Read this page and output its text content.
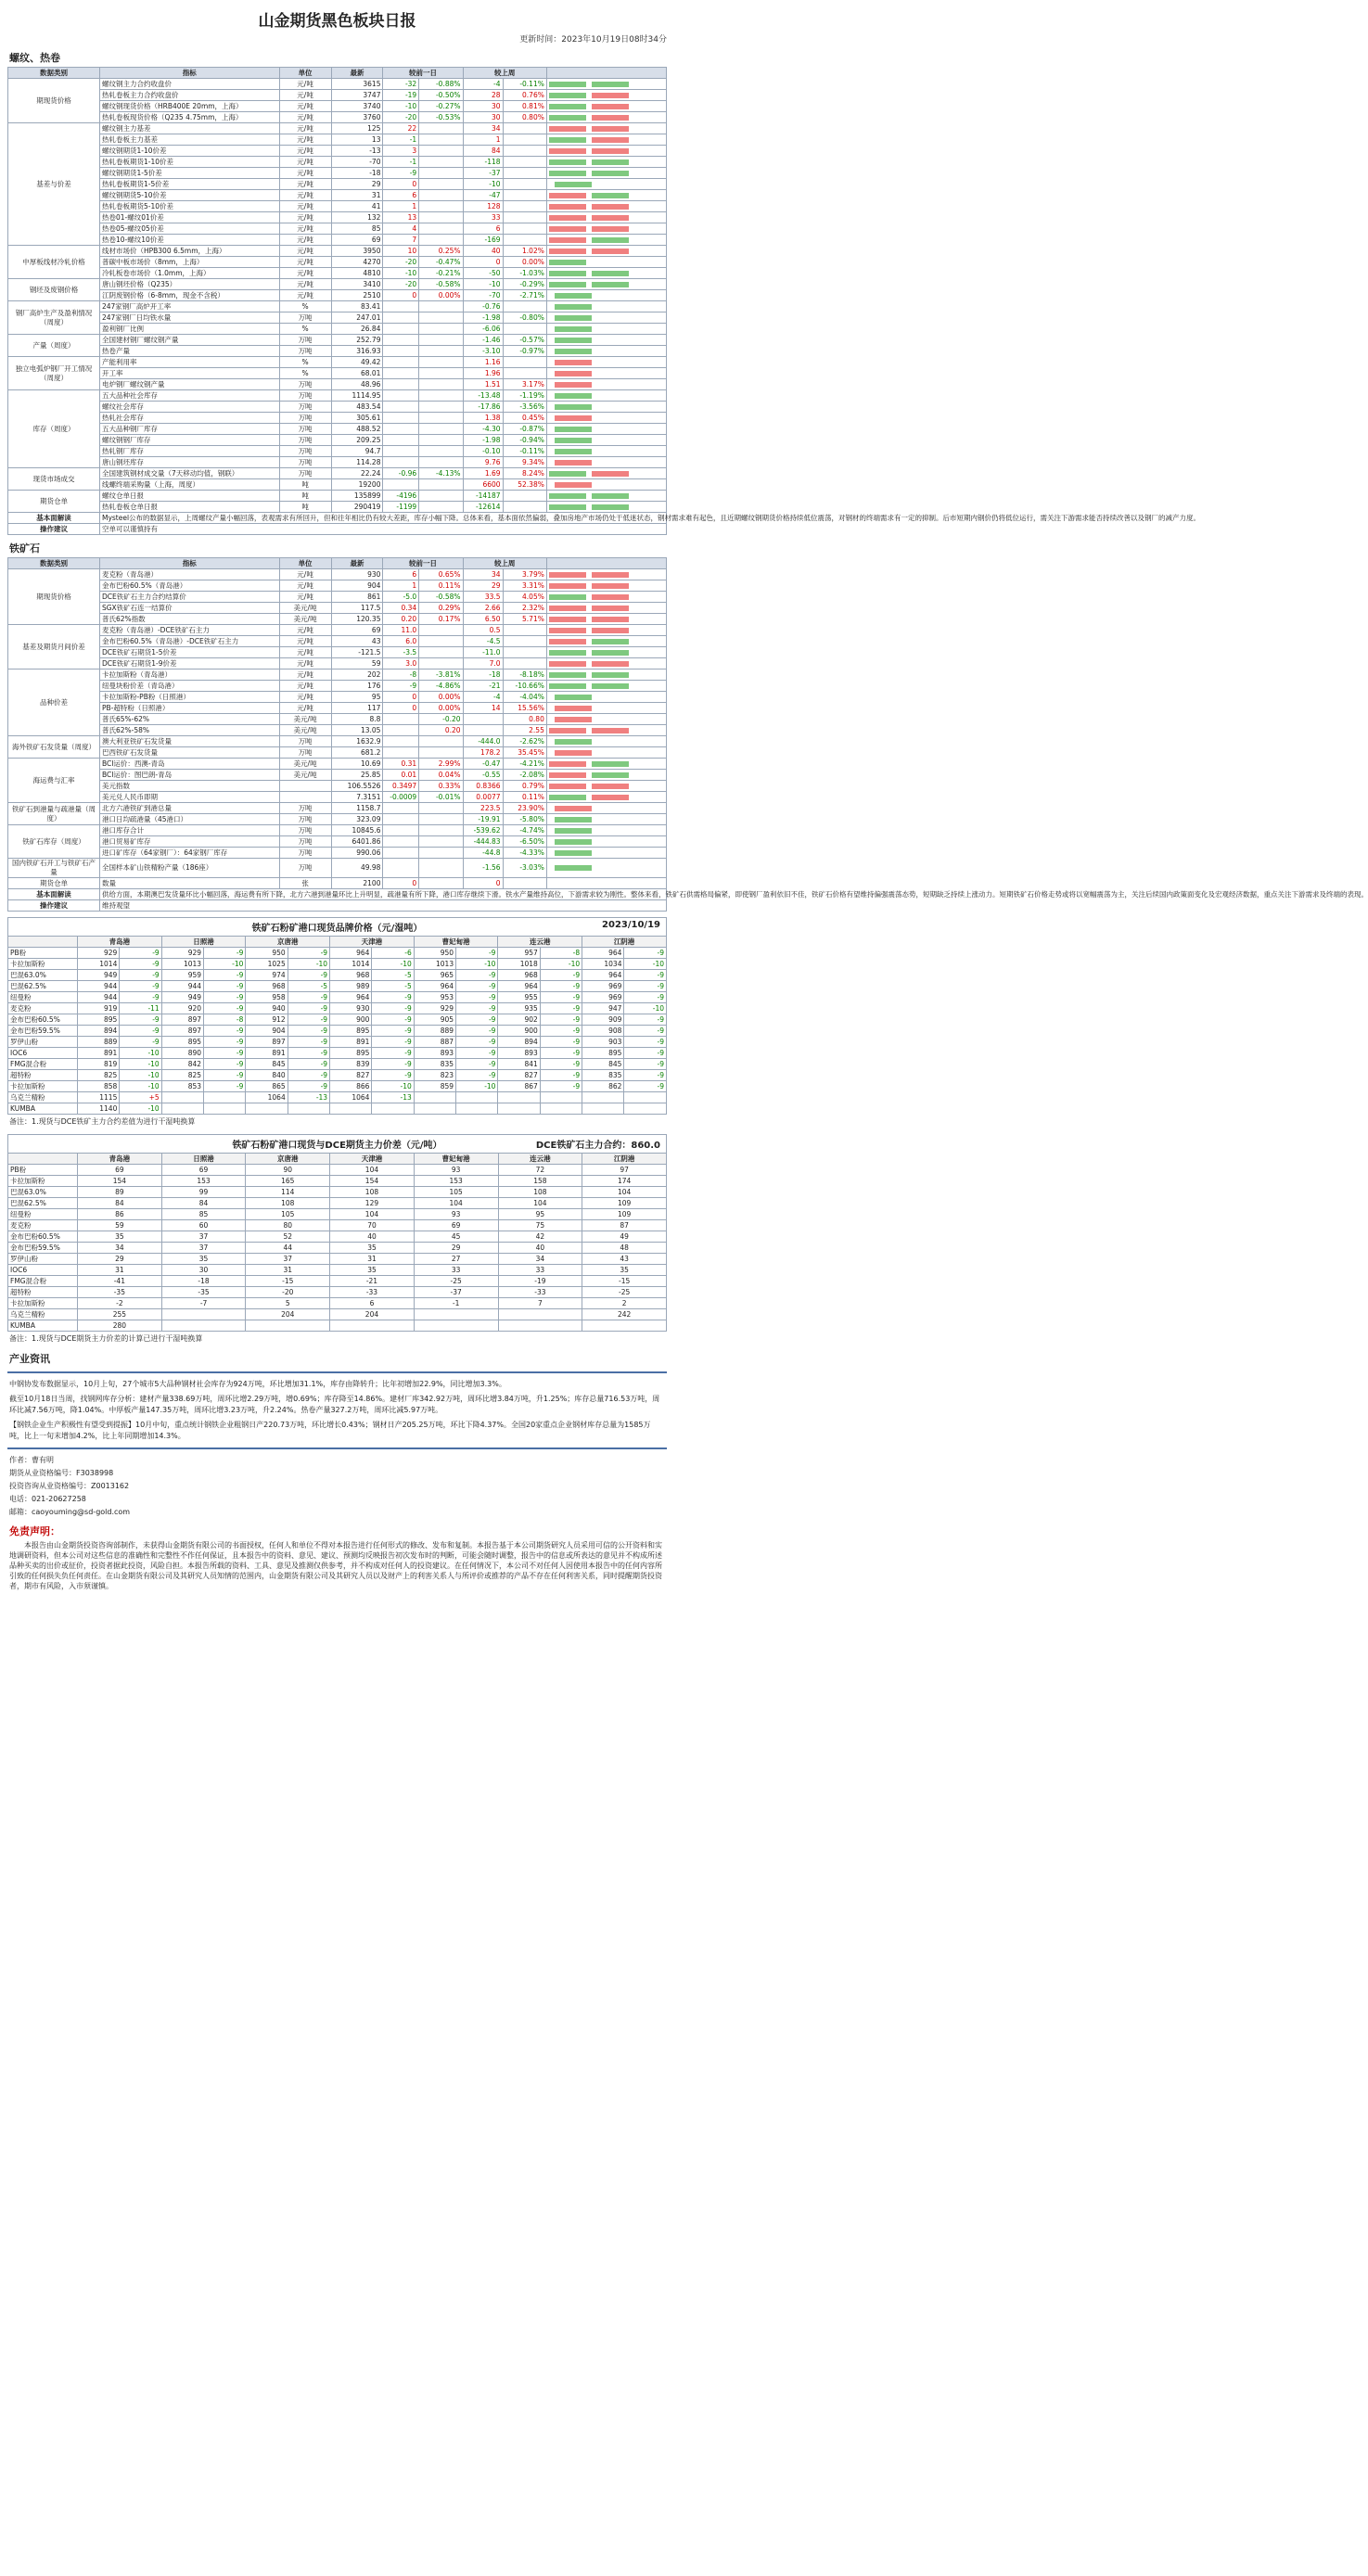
山金期货黑色板块日报
更新时间：2023年10月19日08时34分
螺纹、热卷
数据类别	指标	单位	最新	较前一日		较上周		
期现货价格	螺纹钢主力合约收盘价	元/吨	3615	-32	-0.88%	-4	-0.11%	
	热轧卷板主力合约收盘价	元/吨	3747	-19	-0.50%	28	0.76%	
	螺纹钢现货价格（HRB400E 20mm，上海）	元/吨	3740	-10	-0.27%	30	0.81%	
	热轧卷板现货价格（Q235 4.75mm，上海）	元/吨	3760	-20	-0.53%	30	0.80%	
基差与价差	螺纹钢主力基差	元/吨	125	22		34		
	热轧卷板主力基差	元/吨	13	-1		1		
	螺纹钢期货1-10价差	元/吨	-13	3		84		
	热轧卷板期货1-10价差	元/吨	-70	-1		-118		
	螺纹钢期货1-5价差	元/吨	-18	-9		-37		
	热轧卷板期货1-5价差	元/吨	29	0		-10		
	螺纹钢期货5-10价差	元/吨	31	6		-47		
	热轧卷板期货5-10价差	元/吨	41	1		128		
	热卷01-螺纹01价差	元/吨	132	13		33		
	热卷05-螺纹05价差	元/吨	85	4		6		
	热卷10-螺纹10价差	元/吨	69	7		-169		
中厚板线材冷轧价格	线材市场价（HPB300 6.5mm，上海）	元/吨	3950	10	0.25%	40	1.02%	
	普碳中板市场价（8mm，上海）	元/吨	4270	-20	-0.47%	0	0.00%	
	冷轧板卷市场价（1.0mm，上海）	元/吨	4810	-10	-0.21%	-50	-1.03%	
钢坯及废钢价格	唐山钢坯价格（Q235）	元/吨	3410	-20	-0.58%	-10	-0.29%	
	江阴废钢价格（6-8mm，现金不含税）	元/吨	2510	0	0.00%	-70	-2.71%	
钢厂高炉生产及盈利情况（周度）	247家钢厂高炉开工率	%	83.41			-0.76		
	247家钢厂日均铁水量	万吨	247.01			-1.98	-0.80%	
	盈利钢厂比例	%	26.84			-6.06		
产量（周度）	全国建材钢厂螺纹钢产量	万吨	252.79			-1.46	-0.57%	
	热卷产量	万吨	316.93			-3.10	-0.97%	
独立电弧炉钢厂开工情况（周度）	产能利用率	%	49.42			1.16		
	开工率	%	68.01			1.96		
	电炉钢厂螺纹钢产量	万吨	48.96			1.51	3.17%	
库存（周度）	五大品种社会库存	万吨	1114.95			-13.48	-1.19%	
	螺纹社会库存	万吨	483.54			-17.86	-3.56%	
	热轧社会库存	万吨	305.61			1.38	0.45%	
	五大品种钢厂库存	万吨	488.52			-4.30	-0.87%	
	螺纹钢钢厂库存	万吨	209.25			-1.98	-0.94%	
	热轧钢厂库存	万吨	94.7			-0.10	-0.11%	
	唐山钢坯库存	万吨	114.28			9.76	9.34%	
现货市场成交	全国建筑钢材成交量（7天移动均值，钢联）	万吨	22.24	-0.96	-4.13%	1.69	8.24%	
	线螺终端采购量（上海，周度）	吨	19200			6600	52.38%	
期货仓单	螺纹仓单日报	吨	135899	-4196		-14187		
	热轧卷板仓单日报	吨	290419	-1199		-12614		
基本面解读	Mysteel公布的数据显示，上周螺纹产量小幅回落，表观需求有所回升，但和往年相比仍有较大差距，库存小幅下降。总体来看，基本面依然偏弱，叠加房地产市场仍处于低迷状态，钢材需求难有起色，且近期螺纹钢期货价格持续低位震荡，对钢材的终端需求有一定的抑制。后市短期内钢价仍将低位运行，需关注下游需求能否持续改善以及钢厂的减产力度。							
操作建议	空单可以谨慎持有							
铁矿石
数据类别	指标	单位	最新	较前一日		较上周		
期现货价格	麦克粉（青岛港）	元/吨	930	6	0.65%	34	3.79%	
	金布巴粉60.5%（青岛港）	元/吨	904	1	0.11%	29	3.31%	
	DCE铁矿石主力合约结算价	元/吨	861	-5.0	-0.58%	33.5	4.05%	
	SGX铁矿石连一结算价	美元/吨	117.5	0.34	0.29%	2.66	2.32%	
	普氏62%指数	美元/吨	120.35	0.20	0.17%	6.50	5.71%	
基差及期货月间价差	麦克粉（青岛港）-DCE铁矿石主力	元/吨	69	11.0		0.5		
	金布巴粉60.5%（青岛港）-DCE铁矿石主力	元/吨	43	6.0		-4.5		
	DCE铁矿石期货1-5价差	元/吨	-121.5	-3.5		-11.0		
	DCE铁矿石期货1-9价差	元/吨	59	3.0		7.0		
品种价差	卡拉加斯粉（青岛港）	元/吨	202	-8	-3.81%	-18	-8.18%	
	纽曼块粉价差（青岛港）	元/吨	176	-9	-4.86%	-21	-10.66%	
	卡拉加斯粉-PB粉（日照港）	元/吨	95	0	0.00%	-4	-4.04%	
	PB-超特粉（日照港）	元/吨	117	0	0.00%	14	15.56%	
	普氏65%-62%	美元/吨	8.8		-0.20		0.80	
	普氏62%-58%	美元/吨	13.05		0.20		2.55	
海外铁矿石发货量（周度）	澳大利亚铁矿石发货量	万吨	1632.9			-444.0	-2.62%	
	巴西铁矿石发货量	万吨	681.2			178.2	35.45%	
海运费与汇率	BCI运价：西澳-青岛	美元/吨	10.69	0.31	2.99%	-0.47	-4.21%	
	BCI运价：图巴朗-青岛	美元/吨	25.85	0.01	0.04%	-0.55	-2.08%	
	美元指数		106.5526	0.3497	0.33%	0.8366	0.79%	
	美元兑人民币即期		7.3151	-0.0009	-0.01%	0.0077	0.11%	
铁矿石到港量与疏港量（周度）	北方六港铁矿到港总量	万吨	1158.7			223.5	23.90%	
	港口日均疏港量（45港口）	万吨	323.09			-19.91	-5.80%	
铁矿石库存（周度）	港口库存合计	万吨	10845.6			-539.62	-4.74%	
	港口贸易矿库存	万吨	6401.86			-444.83	-6.50%	
	进口矿库存（64家钢厂）：64家钢厂库存	万吨	990.06			-44.8	-4.33%	
国内铁矿石开工与铁矿石产量	全国样本矿山铁精粉产量（186座）	万吨	49.98			-1.56	-3.03%	
期货仓单	数量	张	2100	0		0		
基本面解读	供给方面，本期澳巴发货量环比小幅回落，海运费有所下降，北方六港到港量环比上升明显，疏港量有所下降，港口库存继续下滑。铁水产量维持高位，下游需求较为刚性。整体来看，铁矿石供需格局偏紧，即使钢厂盈利依旧不佳，铁矿石价格有望维持偏强震荡态势，短期缺乏持续上涨动力。短期铁矿石价格走势或将以宽幅震荡为主，关注后续国内政策面变化及宏观经济数据，重点关注下游需求及终端的表现。							
操作建议	维持观望							
铁矿石粉矿港口现货品牌价格（元/湿吨）	2023/10/19
	青岛港		日照港		京唐港		天津港		曹妃甸港		连云港		江阴港	
PB粉	929	-9	929	-9	950	-9	964	-6	950	-9	957	-8	964	-9
卡拉加斯粉	1014	-9	1013	-10	1025	-10	1014	-10	1013	-10	1018	-10	1034	-10
巴混63.0%	949	-9	959	-9	974	-9	968	-5	965	-9	968	-9	964	-9
巴混62.5%	944	-9	944	-9	968	-5	989	-5	964	-9	964	-9	969	-9
纽曼粉	944	-9	949	-9	958	-9	964	-9	953	-9	955	-9	969	-9
麦克粉	919	-11	920	-9	940	-9	930	-9	929	-9	935	-9	947	-10
金布巴粉60.5%	895	-9	897	-8	912	-9	900	-9	905	-9	902	-9	909	-9
金布巴粉59.5%	894	-9	897	-9	904	-9	895	-9	889	-9	900	-9	908	-9
罗伊山粉	889	-9	895	-9	897	-9	891	-9	887	-9	894	-9	903	-9
IOC6	891	-10	890	-9	891	-9	895	-9	893	-9	893	-9	895	-9
FMG混合粉	819	-10	842	-9	845	-9	839	-9	835	-9	841	-9	845	-9
超特粉	825	-10	825	-9	840	-9	827	-9	823	-9	827	-9	835	-9
卡拉加斯粉	858	-10	853	-9	865	-9	866	-10	859	-10	867	-9	862	-9
乌克兰精粉	1115	+5			1064	-13	1064	-13						
KUMBA	1140	-10												
备注：1.现货与DCE铁矿主力合约差值为进行干湿吨换算
铁矿石粉矿港口现货与DCE期货主力价差（元/吨）	DCE铁矿石主力合约：860.0
	青岛港	日照港	京唐港	天津港	曹妃甸港	连云港	江阴港
PB粉	69	69	90	104	93	72	97
卡拉加斯粉	154	153	165	154	153	158	174
巴混63.0%	89	99	114	108	105	108	104
巴混62.5%	84	84	108	129	104	104	109
纽曼粉	86	85	105	104	93	95	109
麦克粉	59	60	80	70	69	75	87
金布巴粉60.5%	35	37	52	40	45	42	49
金布巴粉59.5%	34	37	44	35	29	40	48
罗伊山粉	29	35	37	31	27	34	43
IOC6	31	30	31	35	33	33	35
FMG混合粉	-41	-18	-15	-21	-25	-19	-15
超特粉	-35	-35	-20	-33	-37	-33	-25
卡拉加斯粉	-2	-7	5	6	-1	7	2
乌克兰精粉	255		204	204			242
KUMBA	280						
备注：1.现货与DCE期货主力价差的计算已进行干湿吨换算
产业资讯

中钢协发布数据显示，10月上旬，27个城市5大品种钢材社会库存为924万吨，环比增加31.1%，库存由降转升；比年初增加22.9%，同比增加3.3%。

截至10月18日当周，找钢网库存分析：建材产量338.69万吨，周环比增2.29万吨，增0.69%；库存降至14.86%。建材厂库342.92万吨，周环比增3.84万吨，升1.25%；库存总量716.53万吨，周环比减7.56万吨，降1.04%。中厚板产量147.35万吨，周环比增3.23万吨，升2.24%。热卷产量327.2万吨，周环比减5.97万吨。

【钢铁企业生产积极性有望受到提振】10月中旬，重点统计钢铁企业粗钢日产220.73万吨，环比增长0.43%；钢材日产205.25万吨，环比下降4.37%。全国20家重点企业钢材库存总量为1585万吨，比上一旬末增加4.2%，比上年同期增加14.3%。

作者：曹有明
期货从业资格编号：F3038998
投资咨询从业资格编号：Z0013162
电话：021-20627258
邮箱：caoyouming@sd-gold.com
免责声明：

本报告由山金期货投资咨询部制作，未获得山金期货有限公司的书面授权，任何人和单位不得对本报告进行任何形式的修改、发布和复制。本报告基于本公司期货研究人员采用可信的公开资料和实地调研资料，但本公司对这些信息的准确性和完整性不作任何保证，且本报告中的资料、意见、建议、预测均反映报告初次发布时的判断，可能会随时调整，报告中的信息或所表达的意见并不构成所述品种买卖的出价或征价，投资者据此投资，风险自担。本报告所载的资料、工具、意见及推测仅供参考，并不构成对任何人的投资建议。在任何情况下，本公司不对任何人因使用本报告中的任何内容所引致的任何损失负任何责任。在山金期货有限公司及其研究人员知情的范围内，山金期货有限公司及其研究人员以及财产上的利害关系人与所评价或推荐的产品不存在任何利害关系，同时提醒期货投资者，期市有风险，入市须谨慎。
